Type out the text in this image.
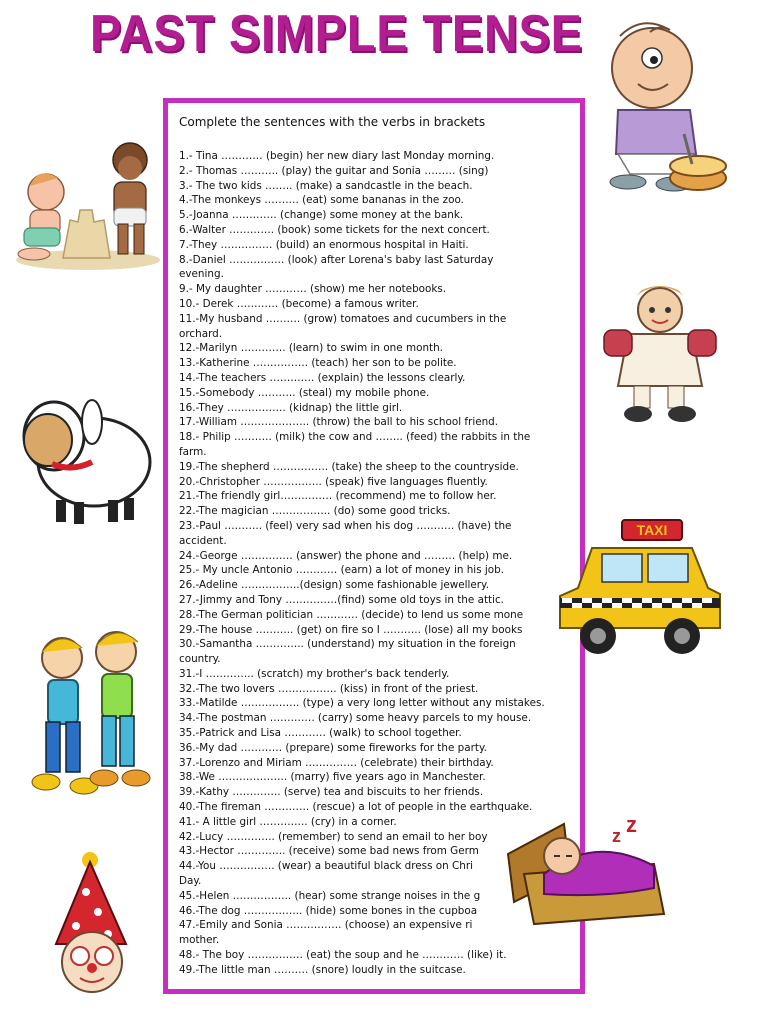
PAST SIMPLE TENSE

Complete the sentences with the verbs in brackets

1.- Tina ………… (begin) her new diary last Monday morning.
2.- Thomas ……….. (play) the guitar and Sonia ……… (sing)
3.- The two kids …….. (make) a sandcastle in the beach.
4.-The monkeys ………. (eat) some bananas in the zoo.
5.-Joanna …………. (change) some money at the bank.
6.-Walter …………. (book) some tickets for the next concert.
7.-They …………… (build) an enormous hospital in Haiti.
8.-Daniel ……………. (look) after Lorena's baby last Saturday
evening.
9.- My daughter ………… (show) me her notebooks.
10.- Derek ………… (become) a famous writer.
11.-My husband ………. (grow) tomatoes and cucumbers in the
orchard.
12.-Marilyn …………. (learn) to swim in one month.
13.-Katherine ……………. (teach) her son to be polite.
14.-The teachers …………. (explain) the lessons clearly.
15.-Somebody ……….. (steal) my mobile phone.
16.-They …………….. (kidnap) the little girl.
17.-William ……………….. (throw) the ball to his school friend.
18.- Philip ……….. (milk) the cow and …….. (feed) the rabbits in the
farm.
19.-The shepherd ……………. (take) the sheep to the countryside.
20.-Christopher …………….. (speak) five languages fluently.
21.-The friendly girl…………… (recommend) me to follow her.
22.-The magician …………….. (do) some good tricks.
23.-Paul ……….. (feel) very sad when his dog ……….. (have) the
accident.
24.-George …………… (answer) the phone and ……… (help) me.
25.- My uncle Antonio ………… (earn) a lot of money in his job.
26.-Adeline ……………..(design) some fashionable jewellery.
27.-Jimmy and Tony ……………(find) some old toys in the attic.
28.-The German politician ………… (decide) to lend us some mone
29.-The house ……….. (get) on fire so I ……….. (lose) all my books
30.-Samantha ………….. (understand) my situation in the foreign
country.
31.-I ………….. (scratch) my brother's back tenderly.
32.-The two lovers …………….. (kiss) in front of the priest.
33.-Matilde …………….. (type) a very long letter without any mistakes.
34.-The postman …………. (carry) some heavy parcels to my house.
35.-Patrick and Lisa ………… (walk) to school together.
36.-My dad ………… (prepare) some fireworks for the party.
37.-Lorenzo and Miriam …………… (celebrate) their birthday.
38.-We ……………….. (marry) five years ago in Manchester.
39.-Kathy ………….. (serve) tea and biscuits to her friends.
40.-The fireman …………. (rescue) a lot of people in the earthquake.
41.- A little girl ………….. (cry) in a corner.
42.-Lucy ………….. (remember) to send an email to her boy
43.-Hector ………….. (receive) some bad news from Germ
44.-You ……………. (wear) a beautiful black dress on Chri
Day.
45.-Helen …………….. (hear) some strange noises in the g
46.-The dog …………….. (hide) some bones in the cupboa
47.-Emily and Sonia ……………. (choose) an expensive ri
mother.
48.- The boy ……………. (eat) the soup and he ………… (like) it.
49.-The little man ………. (snore) loudly in the suitcase.
TAXI
z z
